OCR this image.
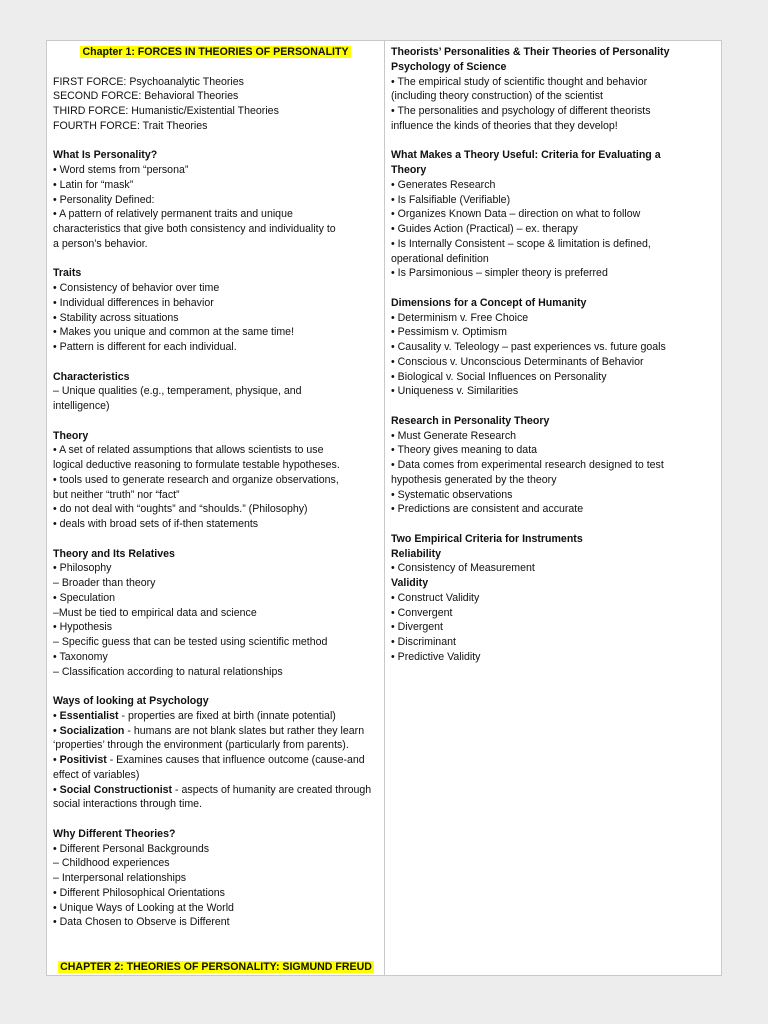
Chapter 1: FORCES IN THEORIES OF PERSONALITY
FIRST FORCE: Psychoanalytic Theories
SECOND FORCE: Behavioral Theories
THIRD FORCE: Humanistic/Existential Theories
FOURTH FORCE: Trait Theories
What Is Personality?
• Word stems from “persona”
• Latin for “mask”
• Personality Defined:
• A pattern of relatively permanent traits and unique
characteristics that give both consistency and individuality to
a person’s behavior.
Traits
• Consistency of behavior over time
• Individual differences in behavior
• Stability across situations
• Makes you unique and common at the same time!
• Pattern is different for each individual.
Characteristics
– Unique qualities (e.g., temperament, physique, and
intelligence)
Theory
• A set of related assumptions that allows scientists to use
logical deductive reasoning to formulate testable hypotheses.
• tools used to generate research and organize observations,
but neither “truth” nor “fact”
• do not deal with “oughts” and “shoulds.” (Philosophy)
• deals with broad sets of if-then statements
Theory and Its Relatives
• Philosophy
– Broader than theory
• Speculation
–Must be tied to empirical data and science
• Hypothesis
– Specific guess that can be tested using scientific method
• Taxonomy
– Classification according to natural relationships
Ways of looking at Psychology
• Essentialist - properties are fixed at birth (innate potential)
• Socialization - humans are not blank slates but rather they learn ‘properties’ through the environment (particularly from parents).
• Positivist - Examines causes that influence outcome (cause-and effect of variables)
• Social Constructionist - aspects of humanity are created through social interactions through time.
Why Different Theories?
• Different Personal Backgrounds
– Childhood experiences
– Interpersonal relationships
• Different Philosophical Orientations
• Unique Ways of Looking at the World
• Data Chosen to Observe is Different
CHAPTER 2: THEORIES OF PERSONALITY: SIGMUND FREUD
Theorists’ Personalities & Their Theories of Personality
Psychology of Science
• The empirical study of scientific thought and behavior
(including theory construction) of the scientist
• The personalities and psychology of different theorists
influence the kinds of theories that they develop!
What Makes a Theory Useful: Criteria for Evaluating a
Theory
• Generates Research
• Is Falsifiable (Verifiable)
• Organizes Known Data – direction on what to follow
• Guides Action (Practical) – ex. therapy
• Is Internally Consistent – scope & limitation is defined,
operational definition
• Is Parsimonious – simpler theory is preferred
Dimensions for a Concept of Humanity
• Determinism v. Free Choice
• Pessimism v. Optimism
• Causality v. Teleology – past experiences vs. future goals
• Conscious v. Unconscious Determinants of Behavior
• Biological v. Social Influences on Personality
• Uniqueness v. Similarities
Research in Personality Theory
• Must Generate Research
• Theory gives meaning to data
• Data comes from experimental research designed to test
hypothesis generated by the theory
• Systematic observations
• Predictions are consistent and accurate
Two Empirical Criteria for Instruments
Reliability
• Consistency of Measurement
Validity
• Construct Validity
• Convergent
• Divergent
• Discriminant
• Predictive Validity
